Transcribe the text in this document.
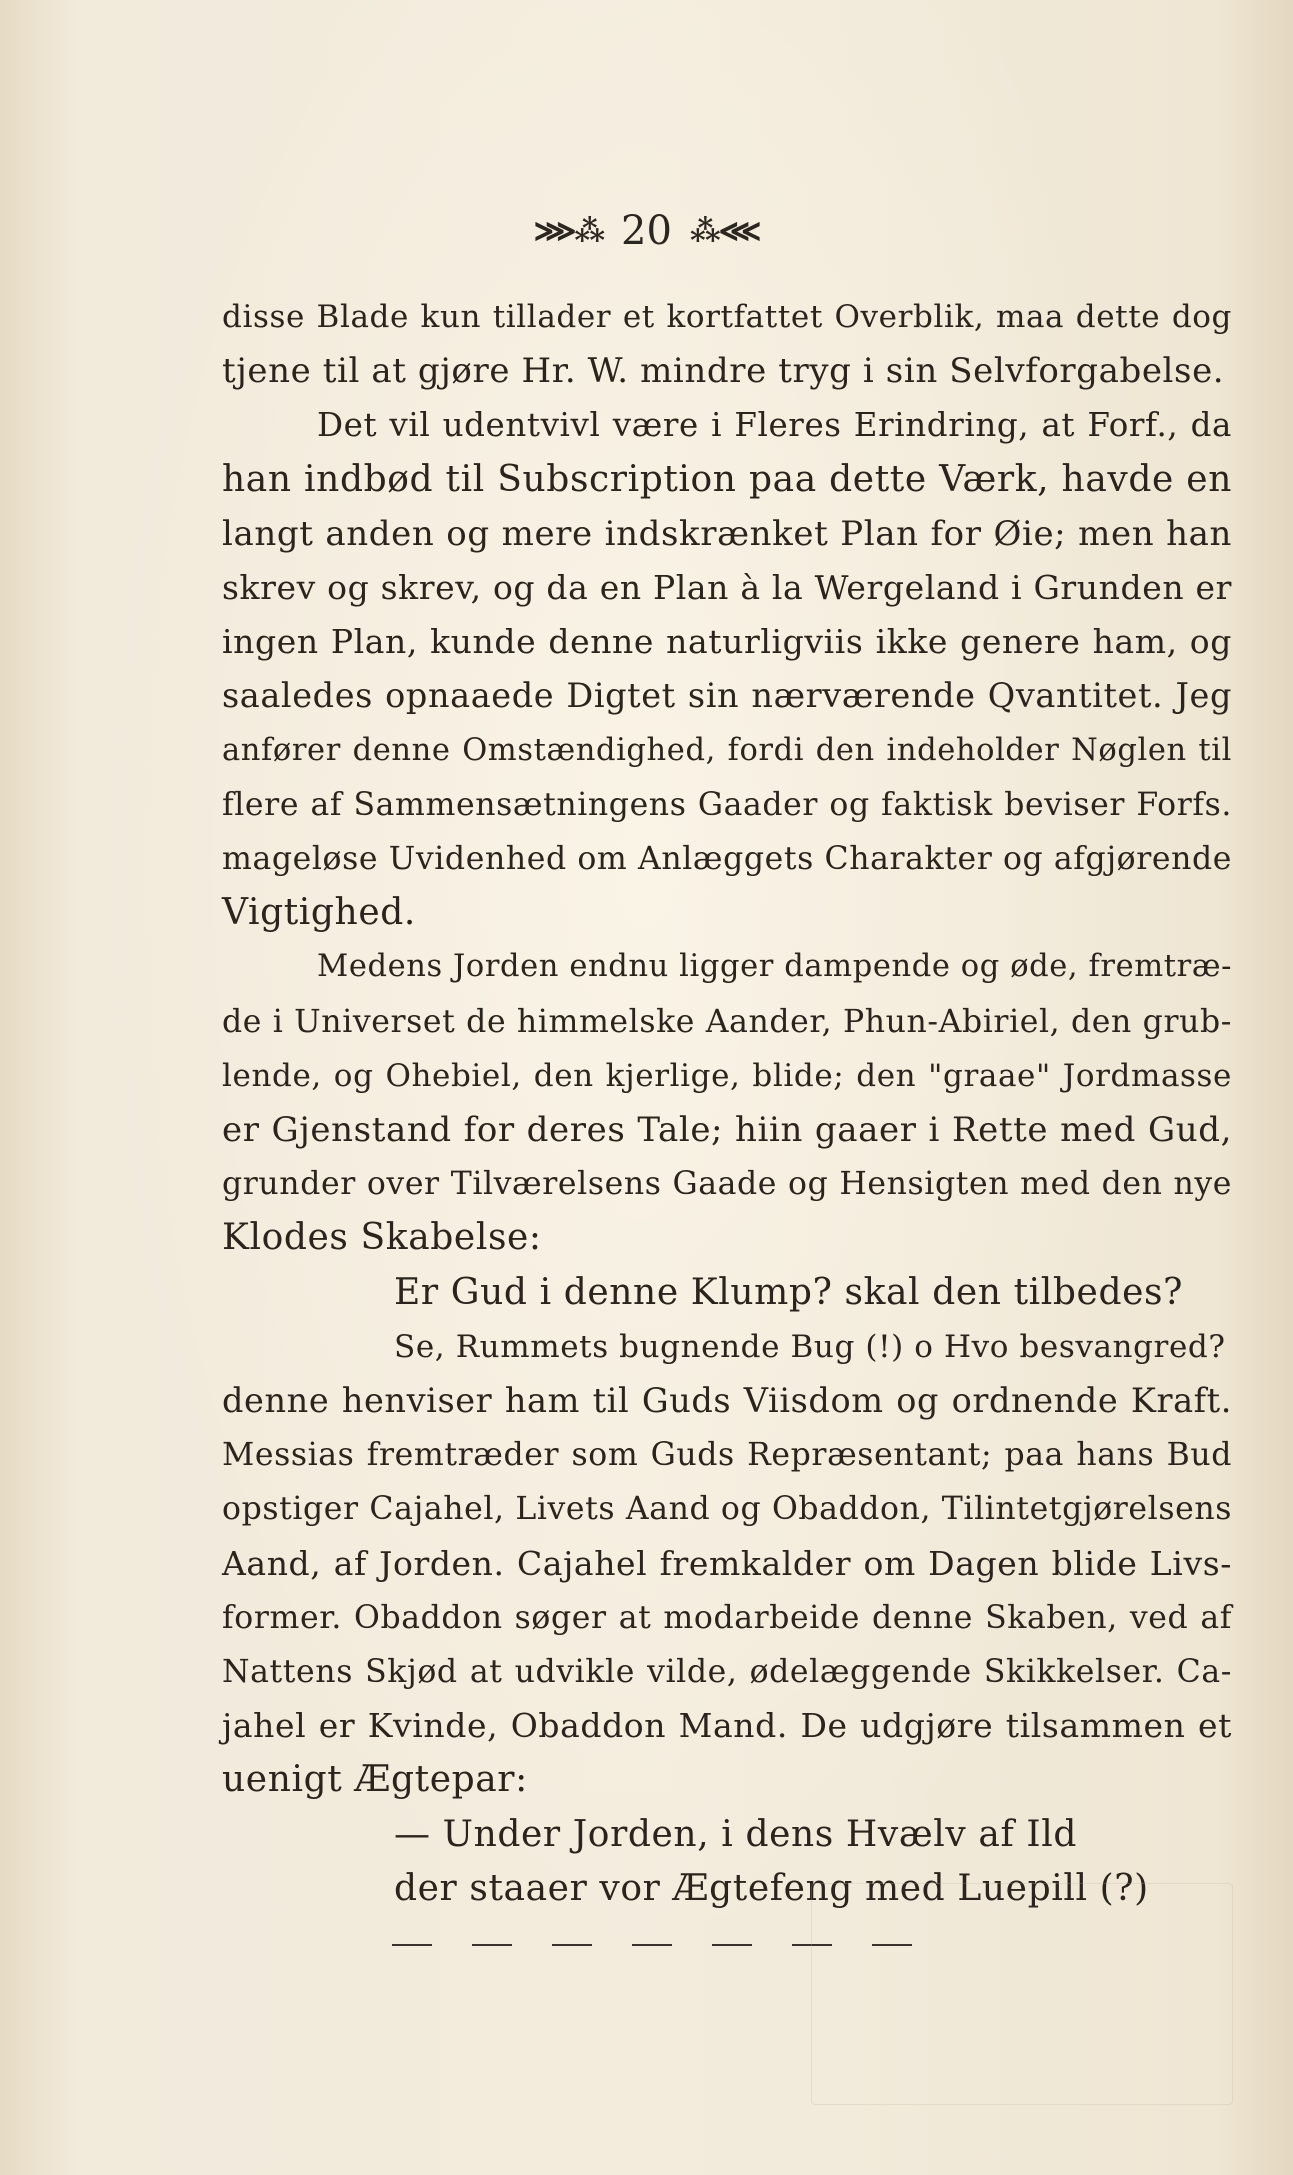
⋙⁂ 20 ⁂⋘
disse Blade kun tillader et kortfattet Overblik, maa dette dog
tjene til at gjøre Hr. W. mindre tryg i sin Selvforgabelse.
Det vil udentvivl være i Fleres Erindring, at Forf., da
han indbød til Subscription paa dette Værk, havde en
langt anden og mere indskrænket Plan for Øie; men han
skrev og skrev, og da en Plan à la Wergeland i Grunden er
ingen Plan, kunde denne naturligviis ikke genere ham, og
saaledes opnaaede Digtet sin nærværende Qvantitet. Jeg
anfører denne Omstændighed, fordi den indeholder Nøglen til
flere af Sammensætningens Gaader og faktisk beviser Forfs.
mageløse Uvidenhed om Anlæggets Charakter og afgjørende
Vigtighed.
Medens Jorden endnu ligger dampende og øde, fremtræ-
de i Universet de himmelske Aander, Phun-Abiriel, den grub-
lende, og Ohebiel, den kjerlige, blide; den "graae" Jordmasse
er Gjenstand for deres Tale; hiin gaaer i Rette med Gud,
grunder over Tilværelsens Gaade og Hensigten med den nye
Klodes Skabelse:
Er Gud i denne Klump? skal den tilbedes?
Se, Rummets bugnende Bug (!) o Hvo besvangred?
denne henviser ham til Guds Viisdom og ordnende Kraft.
Messias fremtræder som Guds Repræsentant; paa hans Bud
opstiger Cajahel, Livets Aand og Obaddon, Tilintetgjørelsens
Aand, af Jorden. Cajahel fremkalder om Dagen blide Livs-
former. Obaddon søger at modarbeide denne Skaben, ved af
Nattens Skjød at udvikle vilde, ødelæggende Skikkelser. Ca-
jahel er Kvinde, Obaddon Mand. De udgjøre tilsammen et
uenigt Ægtepar:
— Under Jorden, i dens Hvælv af Ild
der staaer vor Ægtefeng med Luepill (?)
